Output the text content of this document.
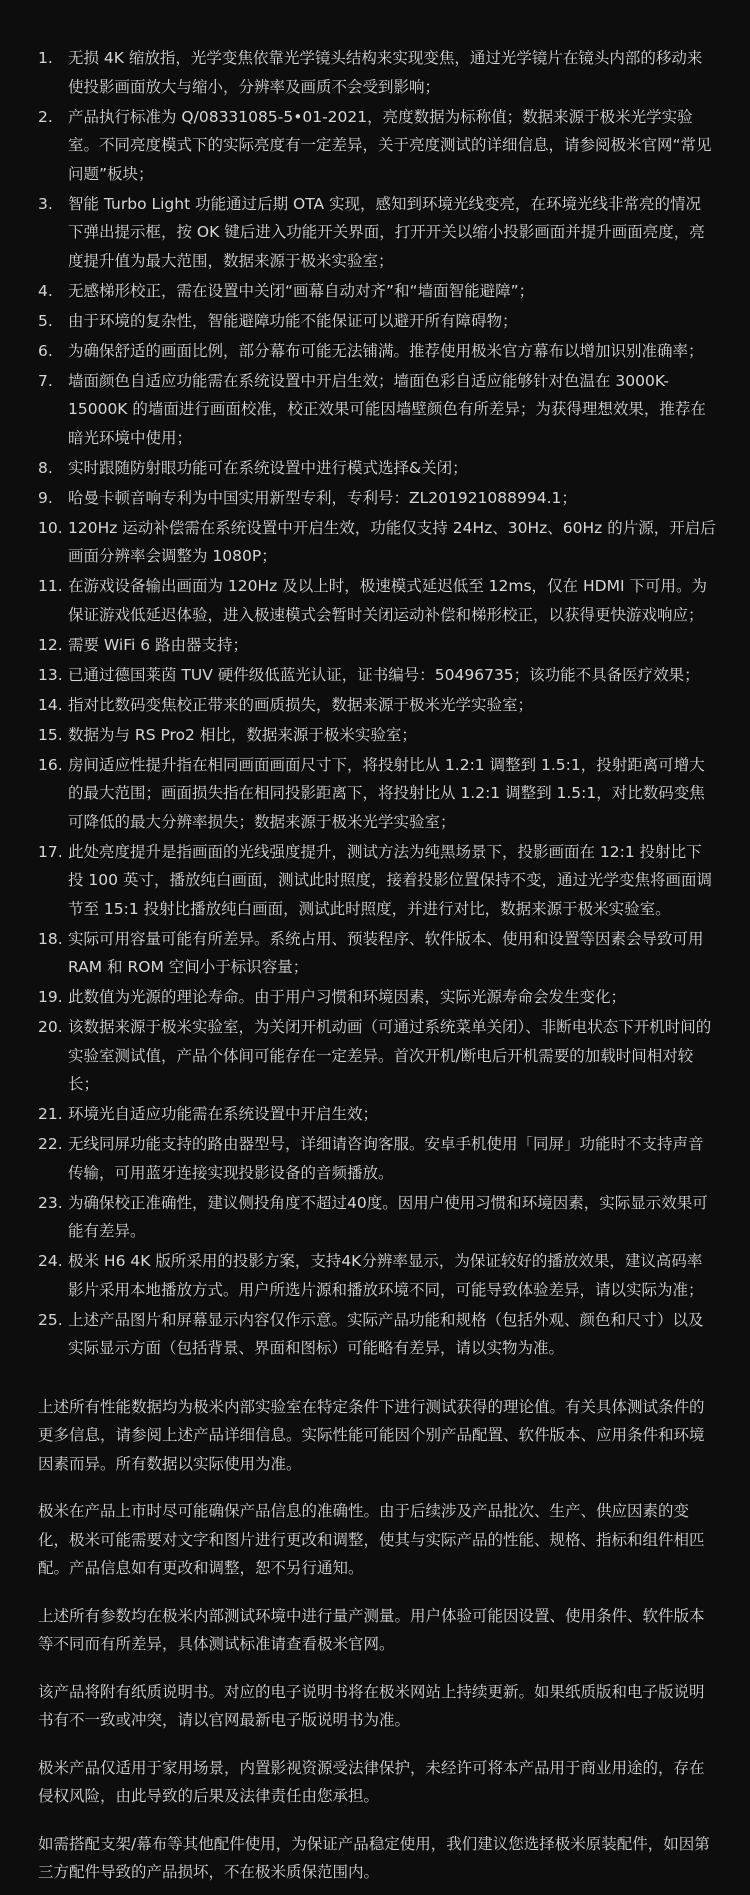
1. 无损 4K 缩放指，光学变焦依靠光学镜头结构来实现变焦，通过光学镜片在镜头内部的移动来使投影画面放大与缩小，分辨率及画质不会受到影响；
2. 产品执行标准为 Q/08331085-5•01-2021，亮度数据为标称值；数据来源于极米光学实验室。不同亮度模式下的实际亮度有一定差异，关于亮度测试的详细信息，请参阅极米官网“常见问题”板块；
3. 智能 Turbo Light 功能通过后期 OTA 实现，感知到环境光线变亮，在环境光线非常亮的情况下弹出提示框，按 OK 键后进入功能开关界面，打开开关以缩小投影画面并提升画面亮度，亮度提升值为最大范围，数据来源于极米实验室；
4. 无感梯形校正，需在设置中关闭“画幕自动对齐”和“墙面智能避障”；
5. 由于环境的复杂性，智能避障功能不能保证可以避开所有障碍物；
6. 为确保舒适的画面比例，部分幕布可能无法铺满。推荐使用极米官方幕布以增加识别准确率；
7. 墙面颜色自适应功能需在系统设置中开启生效；墙面色彩自适应能够针对色温在 3000K-15000K 的墙面进行画面校准，校正效果可能因墙壁颜色有所差异；为获得理想效果，推荐在暗光环境中使用；
8. 实时跟随防射眼功能可在系统设置中进行模式选择&关闭；
9. 哈曼卡顿音响专利为中国实用新型专利，专利号：ZL201921088994.1；
10. 120Hz 运动补偿需在系统设置中开启生效，功能仅支持 24Hz、30Hz、60Hz 的片源，开启后画面分辨率会调整为 1080P；
11. 在游戏设备输出画面为 120Hz 及以上时，极速模式延迟低至 12ms，仅在 HDMI 下可用。为保证游戏低延迟体验，进入极速模式会暂时关闭运动补偿和梯形校正，以获得更快游戏响应；
12. 需要 WiFi 6 路由器支持；
13. 已通过德国莱茵 TUV 硬件级低蓝光认证，证书编号：50496735；该功能不具备医疗效果；
14. 指对比数码变焦校正带来的画质损失，数据来源于极米光学实验室；
15. 数据为与 RS Pro2 相比，数据来源于极米实验室；
16. 房间适应性提升指在相同画面画面尺寸下，将投射比从 1.2:1 调整到 1.5:1，投射距离可增大的最大范围；画面损失指在相同投影距离下，将投射比从 1.2:1 调整到 1.5:1，对比数码变焦可降低的最大分辨率损失；数据来源于极米光学实验室；
17. 此处亮度提升是指画面的光线强度提升，测试方法为纯黑场景下，投影画面在 12:1 投射比下投 100 英寸，播放纯白画面，测试此时照度，接着投影位置保持不变，通过光学变焦将画面调节至 15:1 投射比播放纯白画面，测试此时照度，并进行对比，数据来源于极米实验室。
18. 实际可用容量可能有所差异。系统占用、预装程序、软件版本、使用和设置等因素会导致可用 RAM 和 ROM 空间小于标识容量；
19. 此数值为光源的理论寿命。由于用户习惯和环境因素，实际光源寿命会发生变化；
20. 该数据来源于极米实验室，为关闭开机动画（可通过系统菜单关闭）、非断电状态下开机时间的实验室测试值，产品个体间可能存在一定差异。首次开机/断电后开机需要的加载时间相对较长；
21. 环境光自适应功能需在系统设置中开启生效；
22. 无线同屏功能支持的路由器型号，详细请咨询客服。安卓手机使用「同屏」功能时不支持声音传输，可用蓝牙连接实现投影设备的音频播放。
23. 为确保校正准确性，建议侧投角度不超过40度。因用户使用习惯和环境因素，实际显示效果可能有差异。
24. 极米 H6 4K 版所采用的投影方案，支持4K分辨率显示，为保证较好的播放效果，建议高码率影片采用本地播放方式。用户所选片源和播放环境不同，可能导致体验差异，请以实际为准；
25. 上述产品图片和屏幕显示内容仅作示意。实际产品功能和规格（包括外观、颜色和尺寸）以及实际显示方面（包括背景、界面和图标）可能略有差异，请以实物为准。

上述所有性能数据均为极米内部实验室在特定条件下进行测试获得的理论值。有关具体测试条件的更多信息，请参阅上述产品详细信息。实际性能可能因个别产品配置、软件版本、应用条件和环境因素而异。所有数据以实际使用为准。

极米在产品上市时尽可能确保产品信息的准确性。由于后续涉及产品批次、生产、供应因素的变化，极米可能需要对文字和图片进行更改和调整，使其与实际产品的性能、规格、指标和组件相匹配。产品信息如有更改和调整，恕不另行通知。

上述所有参数均在极米内部测试环境中进行量产测量。用户体验可能因设置、使用条件、软件版本等不同而有所差异，具体测试标准请查看极米官网。

该产品将附有纸质说明书。对应的电子说明书将在极米网站上持续更新。如果纸质版和电子版说明书有不一致或冲突，请以官网最新电子版说明书为准。

极米产品仅适用于家用场景，内置影视资源受法律保护，未经许可将本产品用于商业用途的，存在侵权风险，由此导致的后果及法律责任由您承担。

如需搭配支架/幕布等其他配件使用，为保证产品稳定使用，我们建议您选择极米原装配件，如因第三方配件导致的产品损坏，不在极米质保范围内。
